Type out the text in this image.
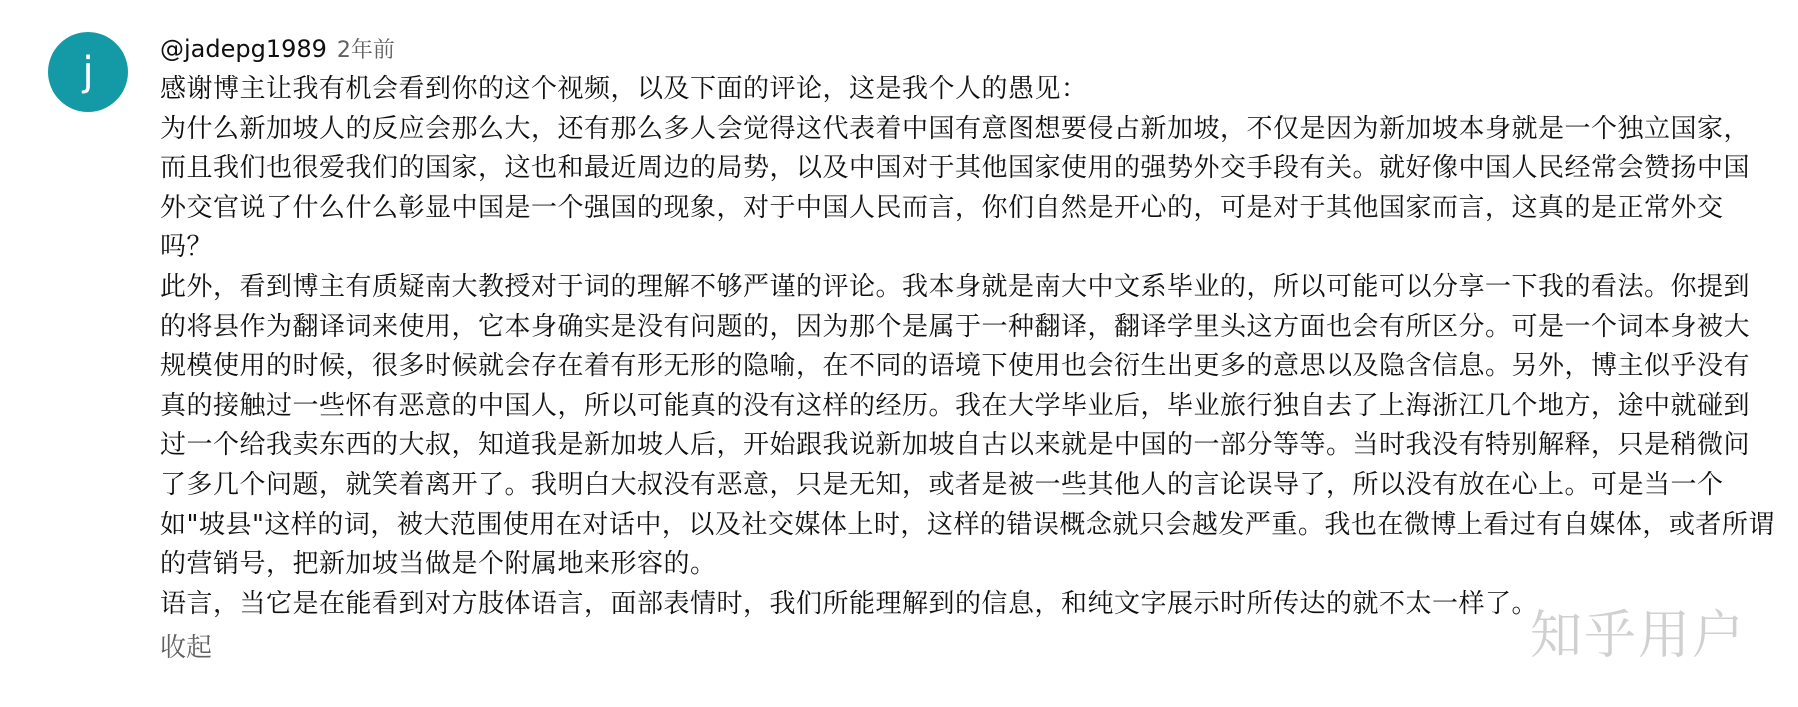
j	@jadepg1989 2年前

感谢博主让我有机会看到你的这个视频，以及下面的评论，这是我个人的愚见：

为什么新加坡人的反应会那么大，还有那么多人会觉得这代表着中国有意图想要侵占新加坡，不仅是因为新加坡本身就是一个独立国家，而且我们也很爱我们的国家，这也和最近周边的局势，以及中国对于其他国家使用的强势外交手段有关。就好像中国人民经常会赞扬中国外交官说了什么什么彰显中国是一个强国的现象，对于中国人民而言，你们自然是开心的，可是对于其他国家而言，这真的是正常外交吗？

此外，看到博主有质疑南大教授对于词的理解不够严谨的评论。我本身就是南大中文系毕业的，所以可能可以分享一下我的看法。你提到的将县作为翻译词来使用，它本身确实是没有问题的，因为那个是属于一种翻译，翻译学里头这方面也会有所区分。可是一个词本身被大规模使用的时候，很多时候就会存在着有形无形的隐喻，在不同的语境下使用也会衍生出更多的意思以及隐含信息。另外，博主似乎没有真的接触过一些怀有恶意的中国人，所以可能真的没有这样的经历。我在大学毕业后，毕业旅行独自去了上海浙江几个地方，途中就碰到过一个给我卖东西的大叔，知道我是新加坡人后，开始跟我说新加坡自古以来就是中国的一部分等等。当时我没有特别解释，只是稍微问了多几个问题，就笑着离开了。我明白大叔没有恶意，只是无知，或者是被一些其他人的言论误导了，所以没有放在心上。可是当一个如"坡县"这样的词，被大范围使用在对话中，以及社交媒体上时，这样的错误概念就只会越发严重。我也在微博上看过有自媒体，或者所谓的营销号，把新加坡当做是个附属地来形容的。

语言，当它是在能看到对方肢体语言，面部表情时，我们所能理解到的信息，和纯文字展示时所传达的就不太一样了。

收起	知乎用户
